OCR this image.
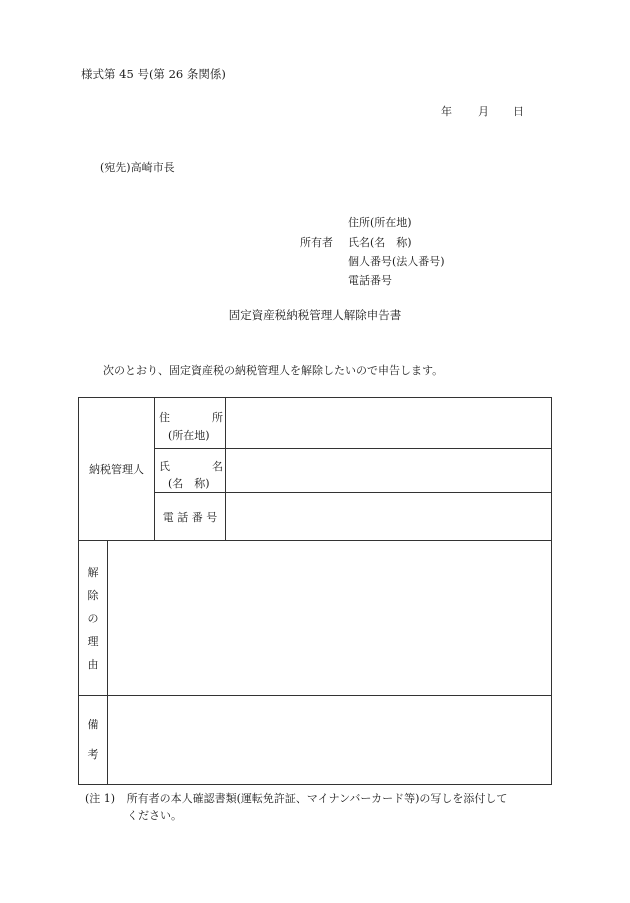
様式第 45 号(第 26 条関係)
年 月 日
(宛先)高崎市長
所有者
住所(所在地)
氏名(名　称)
個人番号(法人番号)
電話番号
固定資産税納税管理人解除申告書
次のとおり、固定資産税の納税管理人を解除したいので申告します。
納税管理人		住 所
(所在地)	

		氏 名
(名　称)	

		電 話 番 号	

解
除
の
理
由			

備
考			

(注 1) 所有者の本人確認書類(運転免許証、マイナンバーカード等)の写しを添付して
ください。
